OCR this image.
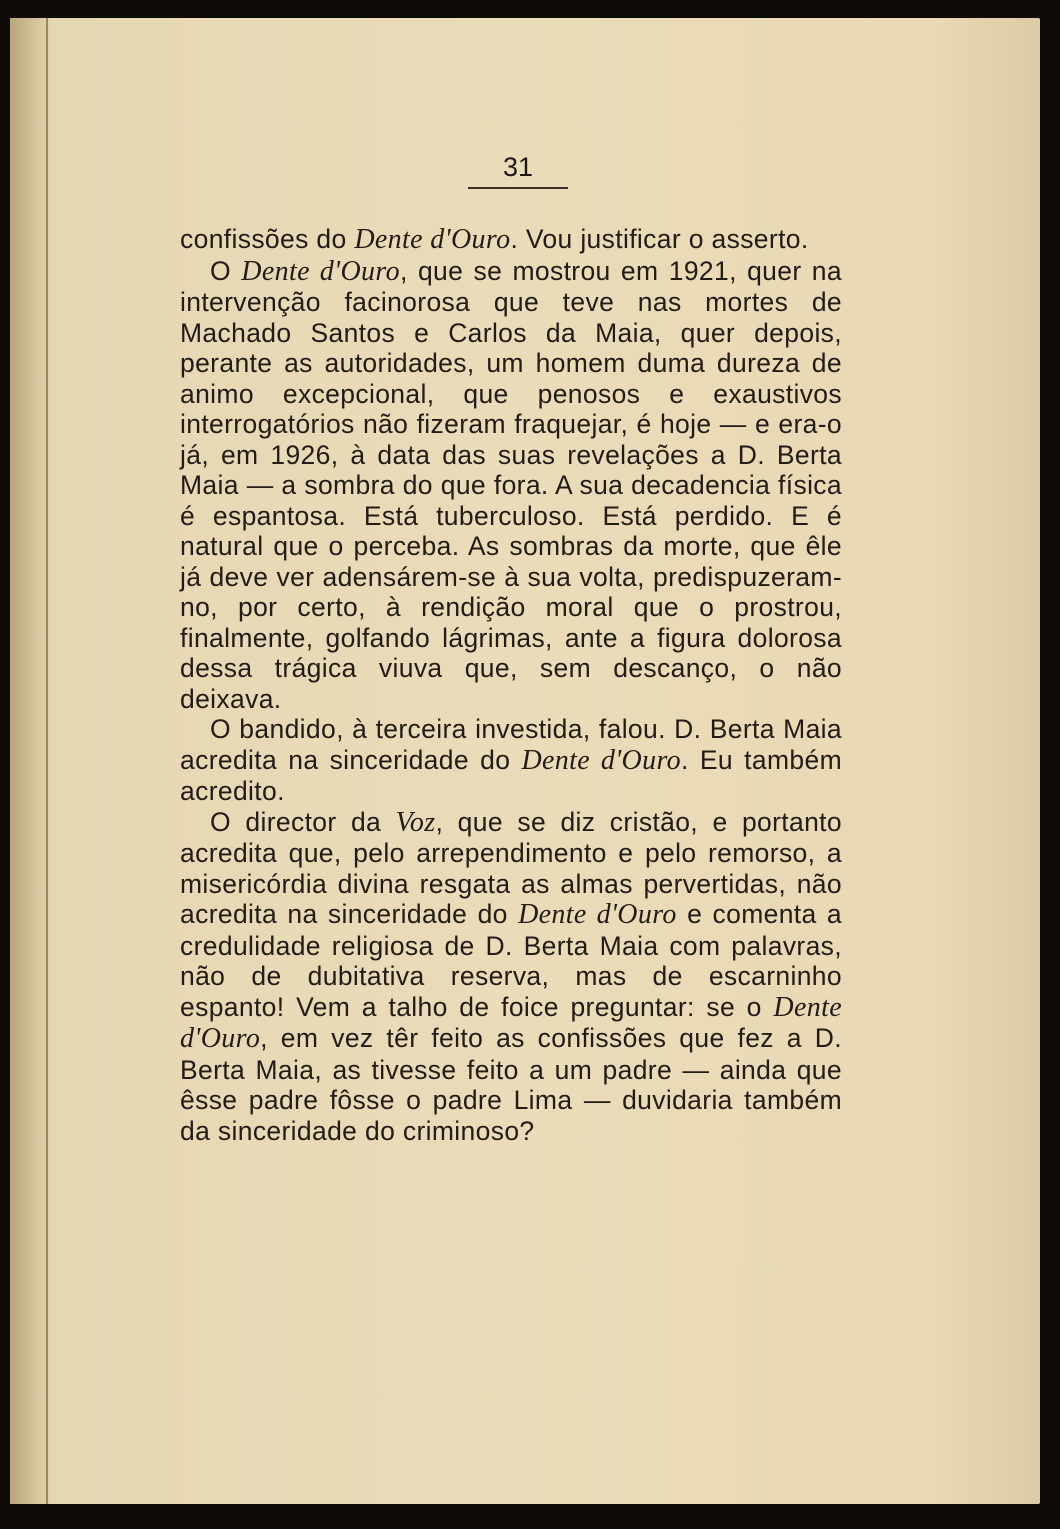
31

confissões do Dente d'Ouro. Vou justificar o asserto.

O Dente d'Ouro, que se mostrou em 1921, quer na intervenção facinorosa que teve nas mortes de Machado Santos e Carlos da Maia, quer depois, perante as autoridades, um homem duma dureza de animo excepcional, que penosos e exaustivos interrogatórios não fizeram fraquejar, é hoje — e era-o já, em 1926, à data das suas revelações a D. Berta Maia — a sombra do que fora. A sua decadencia física é espantosa. Está tuberculoso. Está perdido. E é natural que o perceba. As sombras da morte, que êle já deve ver adensárem-se à sua volta, predispuzeram-no, por certo, à rendição moral que o prostrou, finalmente, golfando lágrimas, ante a figura dolorosa dessa trágica viuva que, sem descanço, o não deixava.

O bandido, à terceira investida, falou. D. Berta Maia acredita na sinceridade do Dente d'Ouro. Eu também acredito.

O director da Voz, que se diz cristão, e portanto acredita que, pelo arrependimento e pelo remorso, a misericórdia divina resgata as almas pervertidas, não acredita na sinceridade do Dente d'Ouro e comenta a credulidade religiosa de D. Berta Maia com palavras, não de dubitativa reserva, mas de escarninho espanto! Vem a talho de foice preguntar: se o Dente d'Ouro, em vez têr feito as confissões que fez a D. Berta Maia, as tivesse feito a um padre — ainda que êsse padre fôsse o padre Lima — duvidaria também da sinceridade do criminoso?
